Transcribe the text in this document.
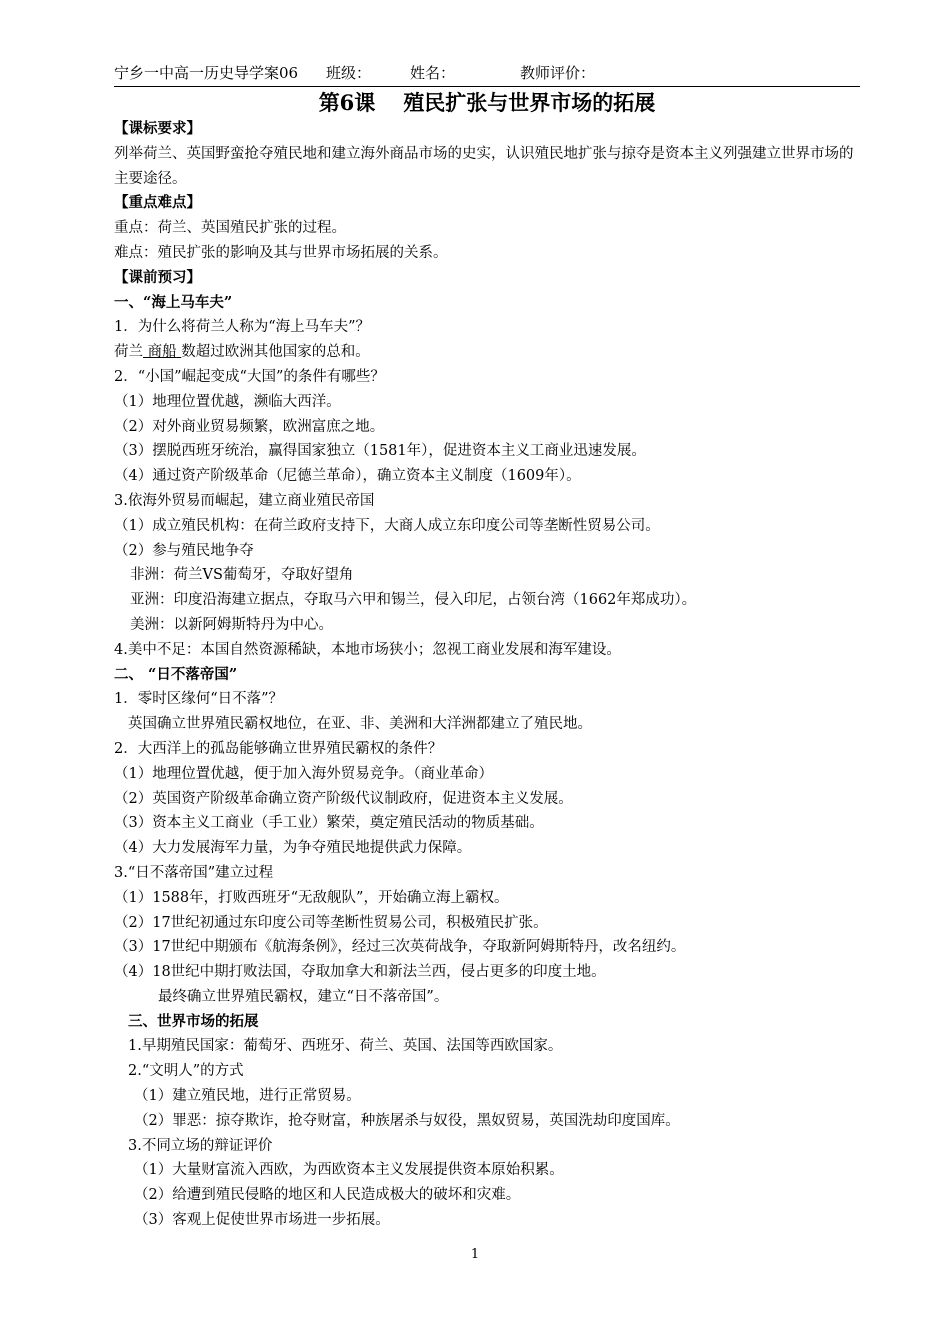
宁乡一中高一历史导学案06 班级：	姓名：	教师评价：
第6课 殖民扩张与世界市场的拓展
【课标要求】
列举荷兰、英国野蛮抢夺殖民地和建立海外商品市场的史实，认识殖民地扩张与掠夺是资本主义列强建立世界市场的主要途径。
【重点难点】
重点：荷兰、英国殖民扩张的过程。
难点：殖民扩张的影响及其与世界市场拓展的关系。
【课前预习】
一、“海上马车夫”
1．为什么将荷兰人称为“海上马车夫”？
荷兰 商船 数超过欧洲其他国家的总和。
2．“小国”崛起变成“大国”的条件有哪些？
（1）地理位置优越，濒临大西洋。
（2）对外商业贸易频繁，欧洲富庶之地。
（3）摆脱西班牙统治，赢得国家独立（1581年），促进资本主义工商业迅速发展。
（4）通过资产阶级革命（尼德兰革命），确立资本主义制度（1609年）。
3.依海外贸易而崛起，建立商业殖民帝国
（1）成立殖民机构：在荷兰政府支持下，大商人成立东印度公司等垄断性贸易公司。
（2）参与殖民地争夺
非洲：荷兰VS葡萄牙，夺取好望角
亚洲：印度沿海建立据点，夺取马六甲和锡兰，侵入印尼，占领台湾（1662年郑成功）。
美洲：以新阿姆斯特丹为中心。
4.美中不足：本国自然资源稀缺，本地市场狭小；忽视工商业发展和海军建设。
二、 “日不落帝国”
1．零时区缘何“日不落”？
英国确立世界殖民霸权地位，在亚、非、美洲和大洋洲都建立了殖民地。
2．大西洋上的孤岛能够确立世界殖民霸权的条件？
（1）地理位置优越，便于加入海外贸易竞争。（商业革命）
（2）英国资产阶级革命确立资产阶级代议制政府，促进资本主义发展。
（3）资本主义工商业（手工业）繁荣，奠定殖民活动的物质基础。
（4）大力发展海军力量，为争夺殖民地提供武力保障。
3.“日不落帝国”建立过程
（1）1588年，打败西班牙“无敌舰队”，开始确立海上霸权。
（2）17世纪初通过东印度公司等垄断性贸易公司，积极殖民扩张。
（3）17世纪中期颁布《航海条例》，经过三次英荷战争，夺取新阿姆斯特丹，改名纽约。
（4）18世纪中期打败法国，夺取加拿大和新法兰西，侵占更多的印度土地。
最终确立世界殖民霸权，建立“日不落帝国”。
三、世界市场的拓展
1.早期殖民国家：葡萄牙、西班牙、荷兰、英国、法国等西欧国家。
2.“文明人”的方式
（1）建立殖民地，进行正常贸易。
（2）罪恶：掠夺欺诈，抢夺财富，种族屠杀与奴役，黑奴贸易，英国洗劫印度国库。
3.不同立场的辩证评价
（1）大量财富流入西欧，为西欧资本主义发展提供资本原始积累。
（2）给遭到殖民侵略的地区和人民造成极大的破坏和灾难。
（3）客观上促使世界市场进一步拓展。
1
